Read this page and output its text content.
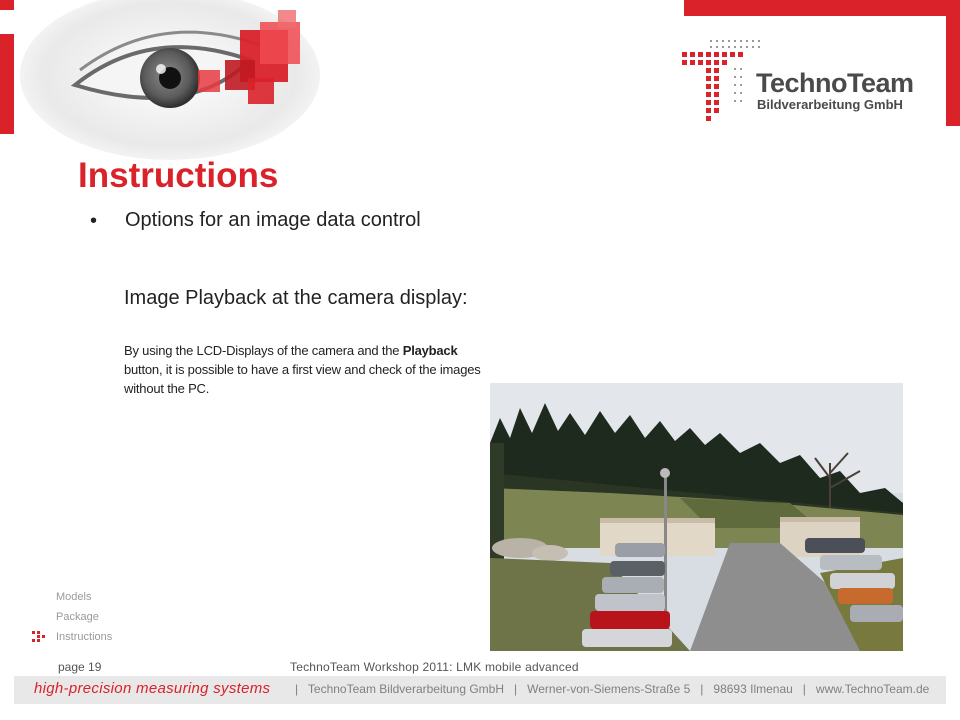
TechnoTeam
Bildverarbeitung GmbH
Instructions
• Options for an image data control
Image Playback at the camera display:
By using the LCD-Displays of the camera and the Playback button, it is possible to have a first view and check of the images without the PC.
Models
Package
Instructions
page 19	TechnoTeam Workshop 2011: LMK mobile advanced
high-precision measuring systems |   TechnoTeam Bildverarbeitung GmbH   |   Werner-von-Siemens-Straße 5   |   98693 Ilmenau   |   www.TechnoTeam.de
